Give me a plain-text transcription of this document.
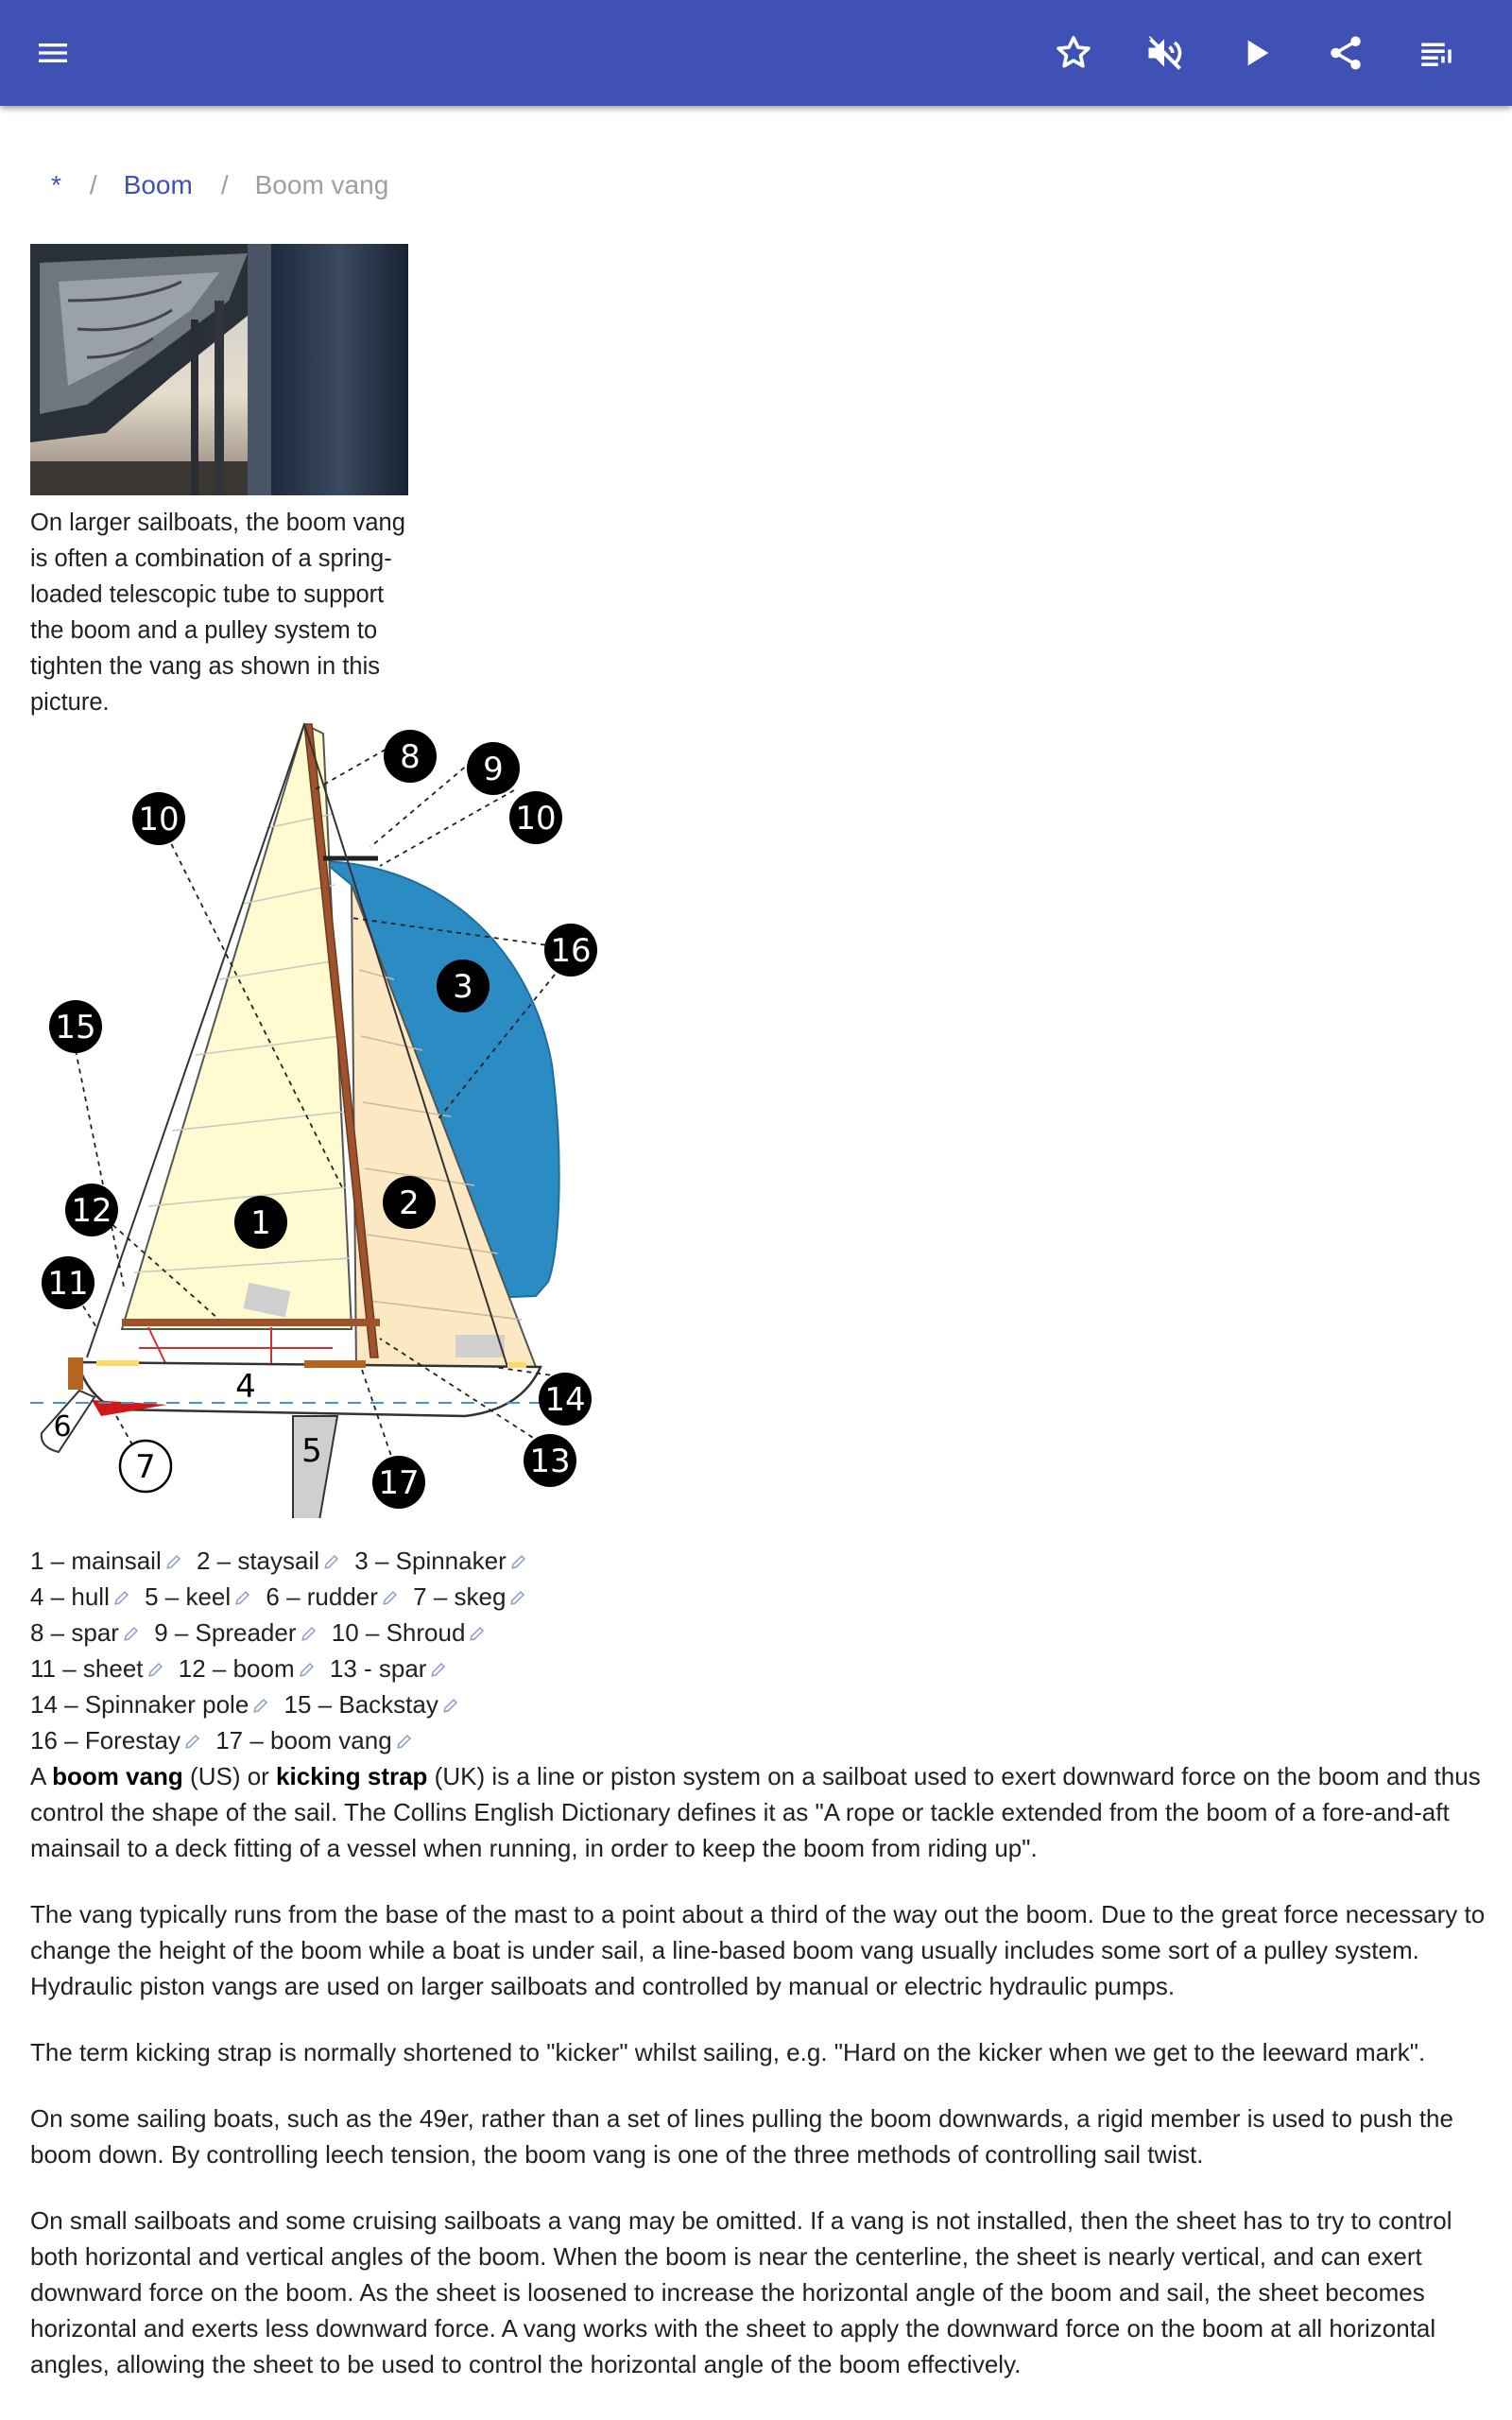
* / Boom / Boom vang
On larger sailboats, the boom vang is often a combination of a spring-loaded telescopic tube to support the boom and a pulley system to tighten the vang as shown in this picture.
10
8 9
10
16
3
15
12	1
2
11
4	14
6
7	5
17
13
1 – mainsail 2 – staysail 3 – Spinnaker
4 – hull 5 – keel 6 – rudder 7 – skeg
8 – spar 9 – Spreader 10 – Shroud
11 – sheet 12 – boom 13 - spar
14 – Spinnaker pole 15 – Backstay
16 – Forestay 17 – boom vang

A boom vang (US) or kicking strap (UK) is a line or piston system on a sailboat used to exert downward force on the boom and thus control the shape of the sail. The Collins English Dictionary defines it as "A rope or tackle extended from the boom of a fore-and-aft mainsail to a deck fitting of a vessel when running, in order to keep the boom from riding up".

The vang typically runs from the base of the mast to a point about a third of the way out the boom. Due to the great force necessary to change the height of the boom while a boat is under sail, a line-based boom vang usually includes some sort of a pulley system. Hydraulic piston vangs are used on larger sailboats and controlled by manual or electric hydraulic pumps.

The term kicking strap is normally shortened to "kicker" whilst sailing, e.g. "Hard on the kicker when we get to the leeward mark".

On some sailing boats, such as the 49er, rather than a set of lines pulling the boom downwards, a rigid member is used to push the boom down. By controlling leech tension, the boom vang is one of the three methods of controlling sail twist.

On small sailboats and some cruising sailboats a vang may be omitted. If a vang is not installed, then the sheet has to try to control both horizontal and vertical angles of the boom. When the boom is near the centerline, the sheet is nearly vertical, and can exert downward force on the boom. As the sheet is loosened to increase the horizontal angle of the boom and sail, the sheet becomes horizontal and exerts less downward force. A vang works with the sheet to apply the downward force on the boom at all horizontal angles, allowing the sheet to be used to control the horizontal angle of the boom effectively.
